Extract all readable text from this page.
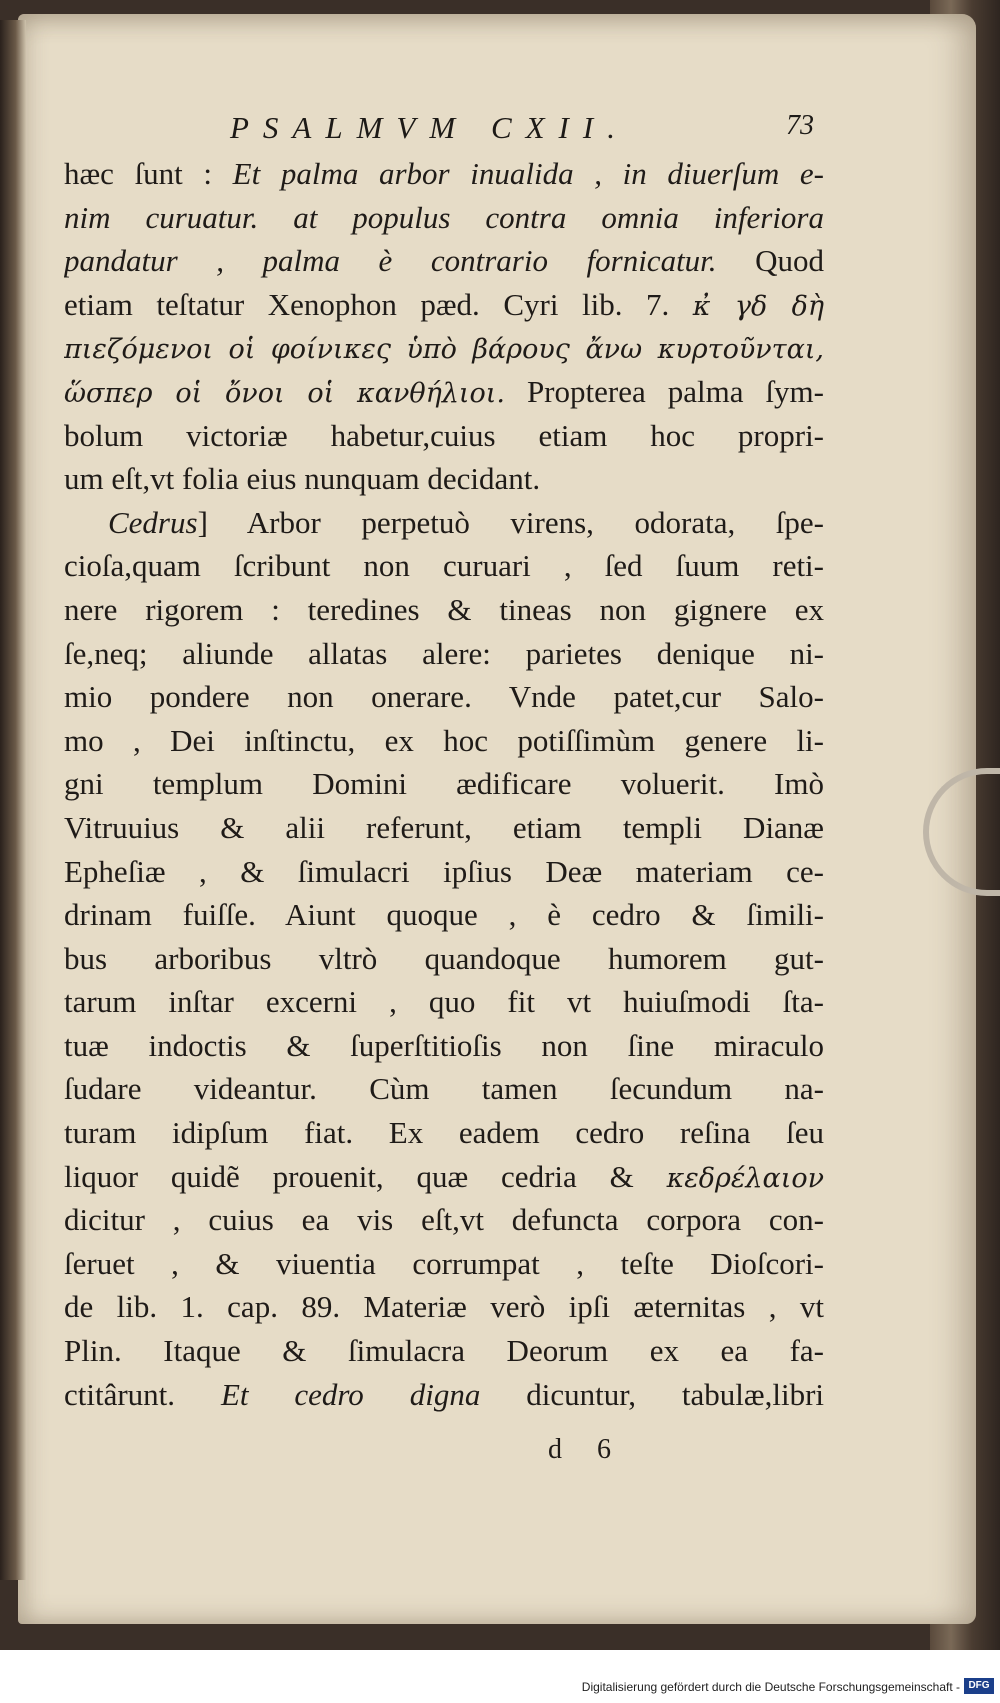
PSALMVM CXII.	73
hæc ſunt : Et palma arbor inualida , in diuerſum e-
nim curuatur. at populus contra omnia inferiora
pandatur , palma è contrario fornicatur. Quod
etiam teſtatur Xenophon pæd. Cyri lib. 7. κ̓ γδ δὴ
πιεζόμενοι οἱ φοίνικες ὑπὸ βάρους ἄνω κυρτοῦνται,
ὥσπερ οἱ ὄνοι οἱ κανθήλιοι. Propterea palma ſym-
bolum victoriæ habetur,cuius etiam hoc propri-
um eſt,vt folia eius nunquam decidant.
Cedrus] Arbor perpetuò virens, odorata, ſpe-
cioſa,quam ſcribunt non curuari , ſed ſuum reti-
nere rigorem : teredines & tineas non gignere ex
ſe,neq; aliunde allatas alere: parietes denique ni-
mio pondere non onerare. Vnde patet,cur Salo-
mo , Dei inſtinctu, ex hoc potiſſimùm genere li-
gni templum Domini ædificare voluerit. Imò
Vitruuius & alii referunt, etiam templi Dianæ
Epheſiæ , & ſimulacri ipſius Deæ materiam ce-
drinam fuiſſe. Aiunt quoque , è cedro & ſimili-
bus arboribus vltrò quandoque humorem gut-
tarum inſtar excerni , quo fit vt huiuſmodi ſta-
tuæ indoctis & ſuperſtitioſis non ſine miraculo
ſudare videantur. Cùm tamen ſecundum na-
turam idipſum fiat. Ex eadem cedro reſina ſeu
liquor quidẽ prouenit, quæ cedria & κεδρέλαιον
dicitur , cuius ea vis eſt,vt defuncta corpora con-
ſeruet , & viuentia corrumpat , teſte Dioſcori-
de lib. 1. cap. 89. Materiæ verò ipſi æternitas , vt
Plin. Itaque & ſimulacra Deorum ex ea fa-
ctitârunt. Et cedro digna dicuntur, tabulæ,libri
d 6
Digitalisierung gefördert durch die Deutsche Forschungsgemeinschaft - DFG
